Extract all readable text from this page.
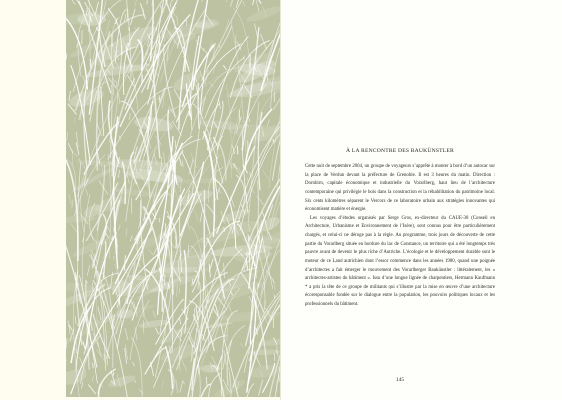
À LA RENCONTRE DES BAUKÜNSTLER

Cette nuit de septembre 2004, un groupe de voyageurs s’apprête à monter à bord d’un autocar sur la place de Verdun devant la préfecture de Grenoble. Il est 3 heures du matin. Direction : Dornbirn, capitale économique et industrielle du Vorarlberg, haut lieu de l’architecture contemporaine qui privilégie le bois dans la construction et la réhabilitation du patrimoine local. Six cents kilomètres séparent le Vercors de ce laboratoire urbain aux stratégies innovantes qui économisent matière et énergie.

Les voyages d’études organisés par Serge Gros, ex-directeur du CAUE-38 (Conseil en Architecture, Urbanisme et Environnement de l’Isère), sont connus pour être particulièrement chargés, et celui-ci ne déroge pas à la règle. Au programme, trois jours de découverte de cette partie du Vorarlberg située en bordure du lac de Constance, un territoire qui a été longtemps très pauvre avant de devenir le plus riche d’Autriche. L’écologie et le développement durable sont le moteur de ce Land autrichien dont l’essor commence dans les années 1980, quand une poignée d’architectes a fait émerger le mouvement des Vorarlberger Baukünstler : littéralement, les « architectes-artistes du bâtiment ». Issu d’une longue lignée de charpentiers, Hermann Kaufmann * a pris la tête de ce groupe de militants qui s’illustre par la mise en œuvre d’une architecture écoresponsable fondée sur le dialogue entre la population, les pouvoirs politiques locaux et les professionnels du bâtiment.

145
